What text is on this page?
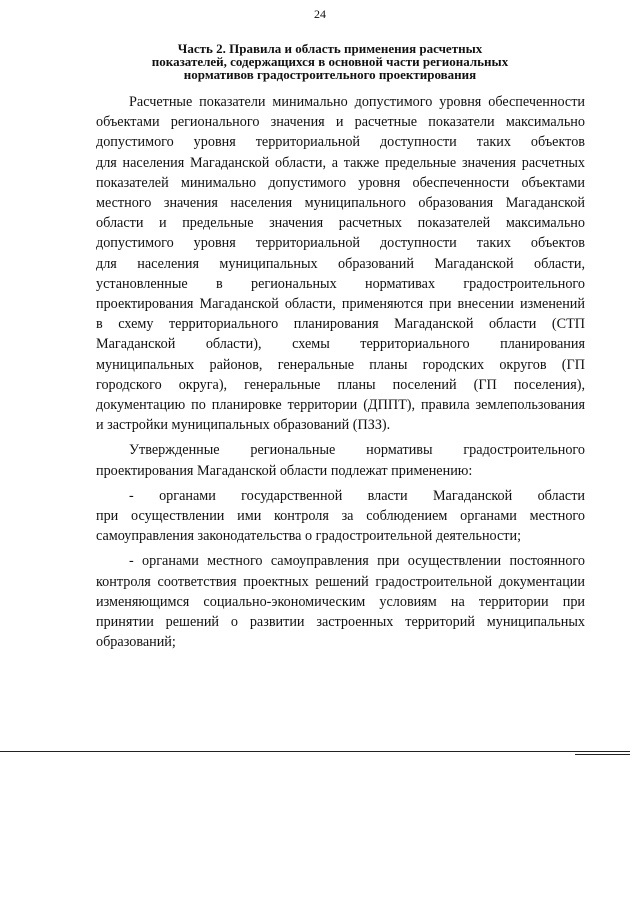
24
Часть 2. Правила и область применения расчетных
показателей, содержащихся в основной части региональных
нормативов градостроительного проектирования

Расчетные показатели минимально допустимого уровня обеспеченности
объектами регионального значения и расчетные показатели максимально
допустимого уровня территориальной доступности таких объектов
для населения Магаданской области, а также предельные значения расчетных
показателей минимально допустимого уровня обеспеченности объектами
местного значения населения муниципального образования Магаданской
области и предельные значения расчетных показателей максимально
допустимого уровня территориальной доступности таких объектов
для населения муниципальных образований Магаданской области,
установленные в региональных нормативах градостроительного
проектирования Магаданской области, применяются при внесении изменений
в схему территориального планирования Магаданской области (СТП
Магаданской области), схемы территориального планирования
муниципальных районов, генеральные планы городских округов (ГП
городского округа), генеральные планы поселений (ГП поселения),
документацию по планировке территории (ДППТ), правила землепользования
и застройки муниципальных образований (ПЗЗ).

Утвержденные региональные нормативы градостроительного
проектирования Магаданской области подлежат применению:

- органами государственной власти Магаданской области
при осуществлении ими контроля за соблюдением органами местного
самоуправления законодательства о градостроительной деятельности;

- органами местного самоуправления при осуществлении постоянного
контроля соответствия проектных решений градостроительной документации
изменяющимся социально-экономическим условиям на территории при
принятии решений о развитии застроенных территорий муниципальных
образований;
